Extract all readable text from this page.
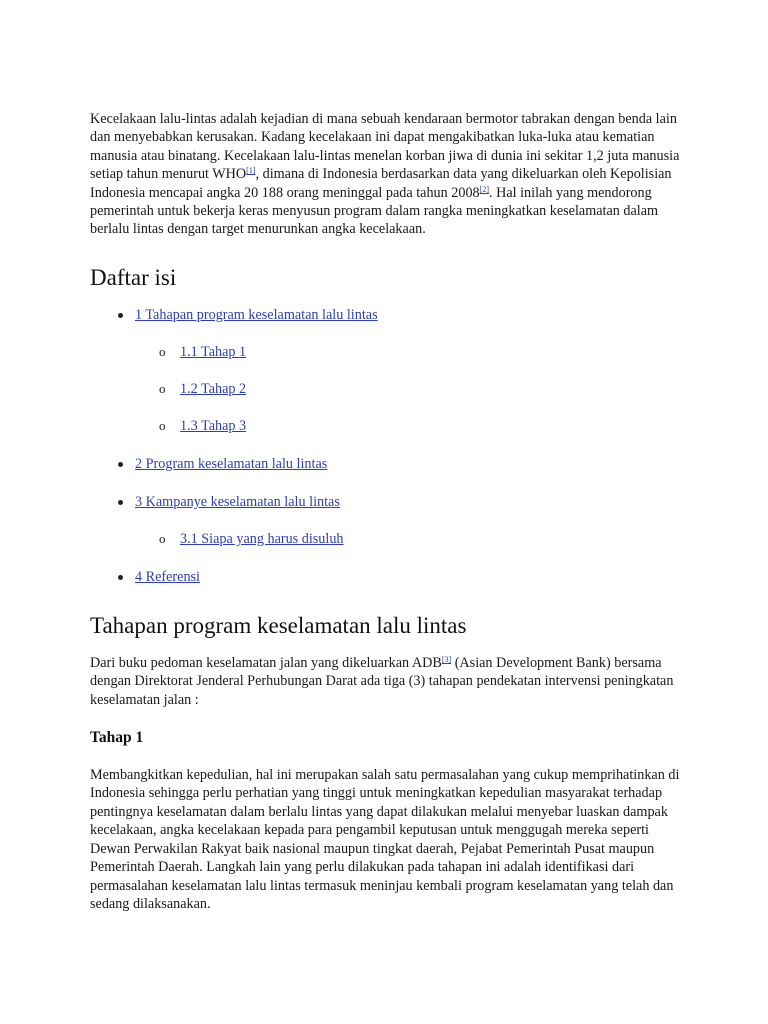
Kecelakaan lalu-lintas adalah kejadian di mana sebuah kendaraan bermotor tabrakan dengan benda lain dan menyebabkan kerusakan. Kadang kecelakaan ini dapat mengakibatkan luka-luka atau kematian manusia atau binatang. Kecelakaan lalu-lintas menelan korban jiwa di dunia ini sekitar 1,2 juta manusia setiap tahun menurut WHO[1], dimana di Indonesia berdasarkan data yang dikeluarkan oleh Kepolisian Indonesia mencapai angka 20 188 orang meninggal pada tahun 2008[2]. Hal inilah yang mendorong pemerintah untuk bekerja keras menyusun program dalam rangka meningkatkan keselamatan dalam berlalu lintas dengan target menurunkan angka kecelakaan.

Daftar isi
1 Tahapan program keselamatan lalu lintas
o 1.1 Tahap 1
o 1.2 Tahap 2
o 1.3 Tahap 3
2 Program keselamatan lalu lintas
3 Kampanye keselamatan lalu lintas
o 3.1 Siapa yang harus disuluh
4 Referensi
Tahapan program keselamatan lalu lintas

Dari buku pedoman keselamatan jalan yang dikeluarkan ADB[3] (Asian Development Bank) bersama dengan Direktorat Jenderal Perhubungan Darat ada tiga (3) tahapan pendekatan intervensi peningkatan keselamatan jalan :

Tahap 1

Membangkitkan kepedulian, hal ini merupakan salah satu permasalahan yang cukup memprihatinkan di Indonesia sehingga perlu perhatian yang tinggi untuk meningkatkan kepedulian masyarakat terhadap pentingnya keselamatan dalam berlalu lintas yang dapat dilakukan melalui menyebar luaskan dampak kecelakaan, angka kecelakaan kepada para pengambil keputusan untuk menggugah mereka seperti Dewan Perwakilan Rakyat baik nasional maupun tingkat daerah, Pejabat Pemerintah Pusat maupun Pemerintah Daerah. Langkah lain yang perlu dilakukan pada tahapan ini adalah identifikasi dari permasalahan keselamatan lalu lintas termasuk meninjau kembali program keselamatan yang telah dan sedang dilaksanakan.
